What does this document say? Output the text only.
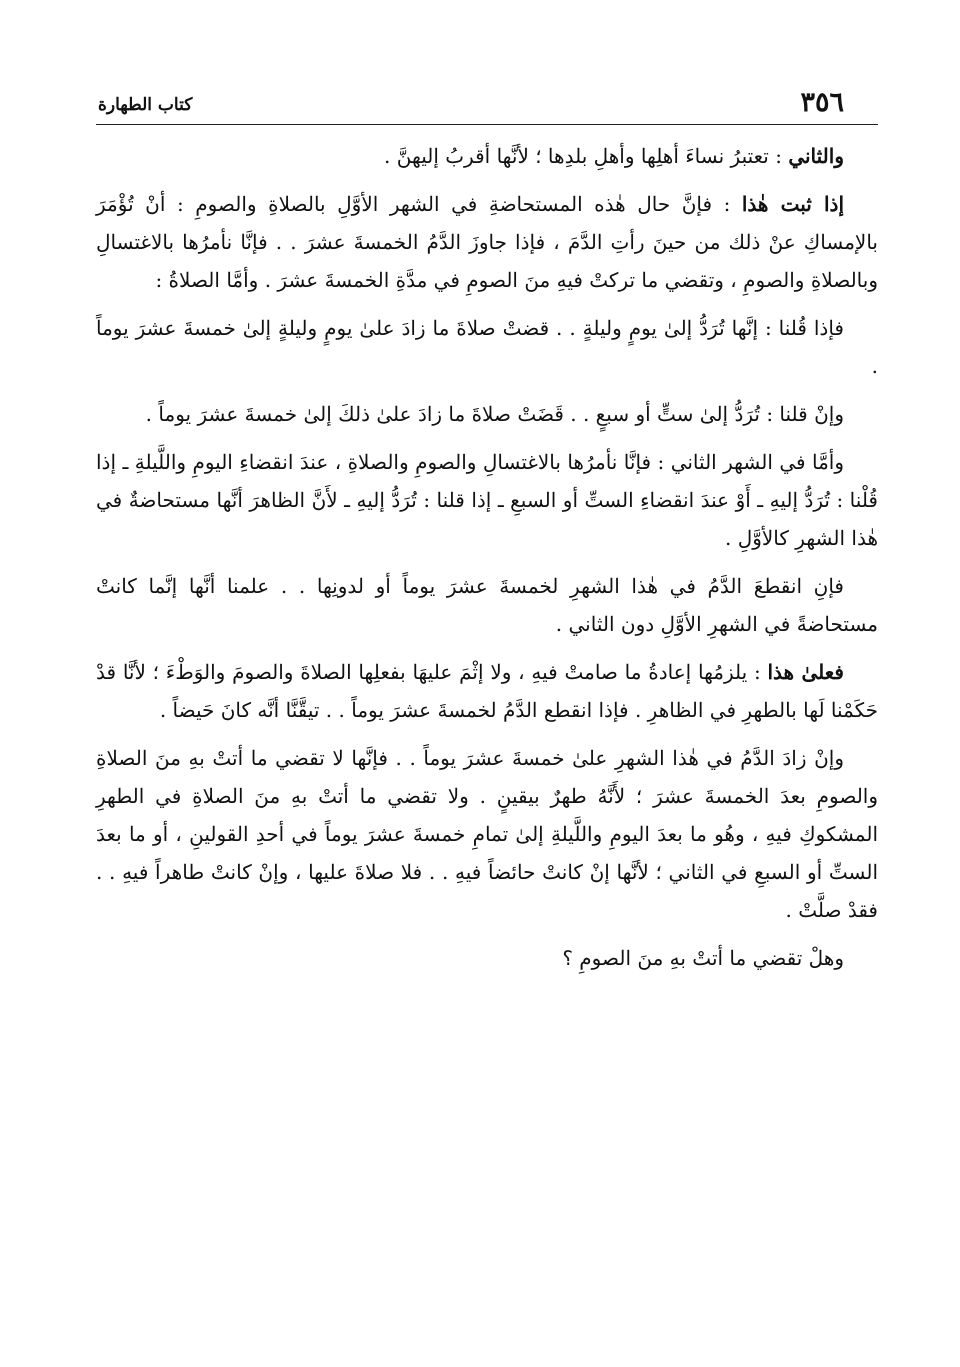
٣٥٦
كتاب الطهارة

والثاني : تعتبرُ نساءَ أهلِها وأهلِ بلدِها ؛ لأنَّها أقربُ إليهنَّ .

إذا ثبت هٰذا : فإنَّ حال هٰذه المستحاضةِ في الشهر الأوَّلِ بالصلاةِ والصومِ : أنْ تُؤْمَرَ بالإمساكِ عنْ ذلك من حينَ رأتِ الدَّمَ ، فإذا جاوزَ الدَّمُ الخمسةَ عشرَ . . فإنَّا نأمرُها بالاغتسالِ وبالصلاةِ والصومِ ، وتقضي ما تركتْ فيهِ منَ الصومِ في مدَّةِ الخمسةَ عشرَ . وأمَّا الصلاةُ :

فإذا قُلنا : إنَّها تُرَدُّ إلىٰ يومٍ وليلةٍ . . قضتْ صلاةَ ما زادَ علىٰ يومٍ وليلةٍ إلىٰ خمسةَ عشرَ يوماً .

وإنْ قلنا : تُرَدُّ إلىٰ ستٍّ أو سبعٍ . . قَضَتْ صلاةَ ما زادَ علىٰ ذلكَ إلىٰ خمسةَ عشرَ يوماً .

وأمَّا في الشهر الثاني : فإنَّا نأمرُها بالاغتسالِ والصومِ والصلاةِ ، عندَ انقضاءِ اليومِ واللَّيلةِ ـ إذا قُلْنا : تُرَدُّ إليهِ ـ أَوْ عندَ انقضاءِ الستِّ أو السبعِ ـ إذا قلنا : تُرَدُّ إليهِ ـ لأَنَّ الظاهرَ أنَّها مستحاضةٌ في هٰذا الشهرِ كالأوَّلِ .

فإنِ انقطعَ الدَّمُ في هٰذا الشهرِ لخمسةَ عشرَ يوماً أو لدونِها . . علمنا أنَّها إنَّما كانتْ مستحاضةً في الشهرِ الأوَّلِ دون الثاني .

فعلىٰ هذا : يلزمُها إعادةُ ما صامتْ فيهِ ، ولا إثْمَ عليهَا بفعلِها الصلاةَ والصومَ والوَطْءَ ؛ لأنَّا قدْ حَكَمْنا لَها بالطهرِ في الظاهرِ . فإذا انقطع الدَّمُ لخمسةَ عشرَ يوماً . . تيقَّنَّا أنَّه كانَ حَيضاً .

وإنْ زادَ الدَّمُ في هٰذا الشهرِ علىٰ خمسةَ عشرَ يوماً . . فإنَّها لا تقضي ما أتتْ بهِ منَ الصلاةِ والصومِ بعدَ الخمسةَ عشرَ ؛ لأَنَّهُ طهرٌ بيقينٍ . ولا تقضي ما أتتْ بهِ منَ الصلاةِ في الطهرِ المشكوكِ فيهِ ، وهُو ما بعدَ اليومِ واللَّيلةِ إلىٰ تمامِ خمسةَ عشرَ يوماً في أحدِ القولينِ ، أو ما بعدَ الستِّ أو السبعِ في الثاني ؛ لأنَّها إنْ كانتْ حائضاً فيهِ . . فلا صلاةَ عليها ، وإنْ كانتْ طاهراً فيهِ . . فقدْ صلَّتْ .

وهلْ تقضي ما أتتْ بهِ منَ الصومِ ؟
